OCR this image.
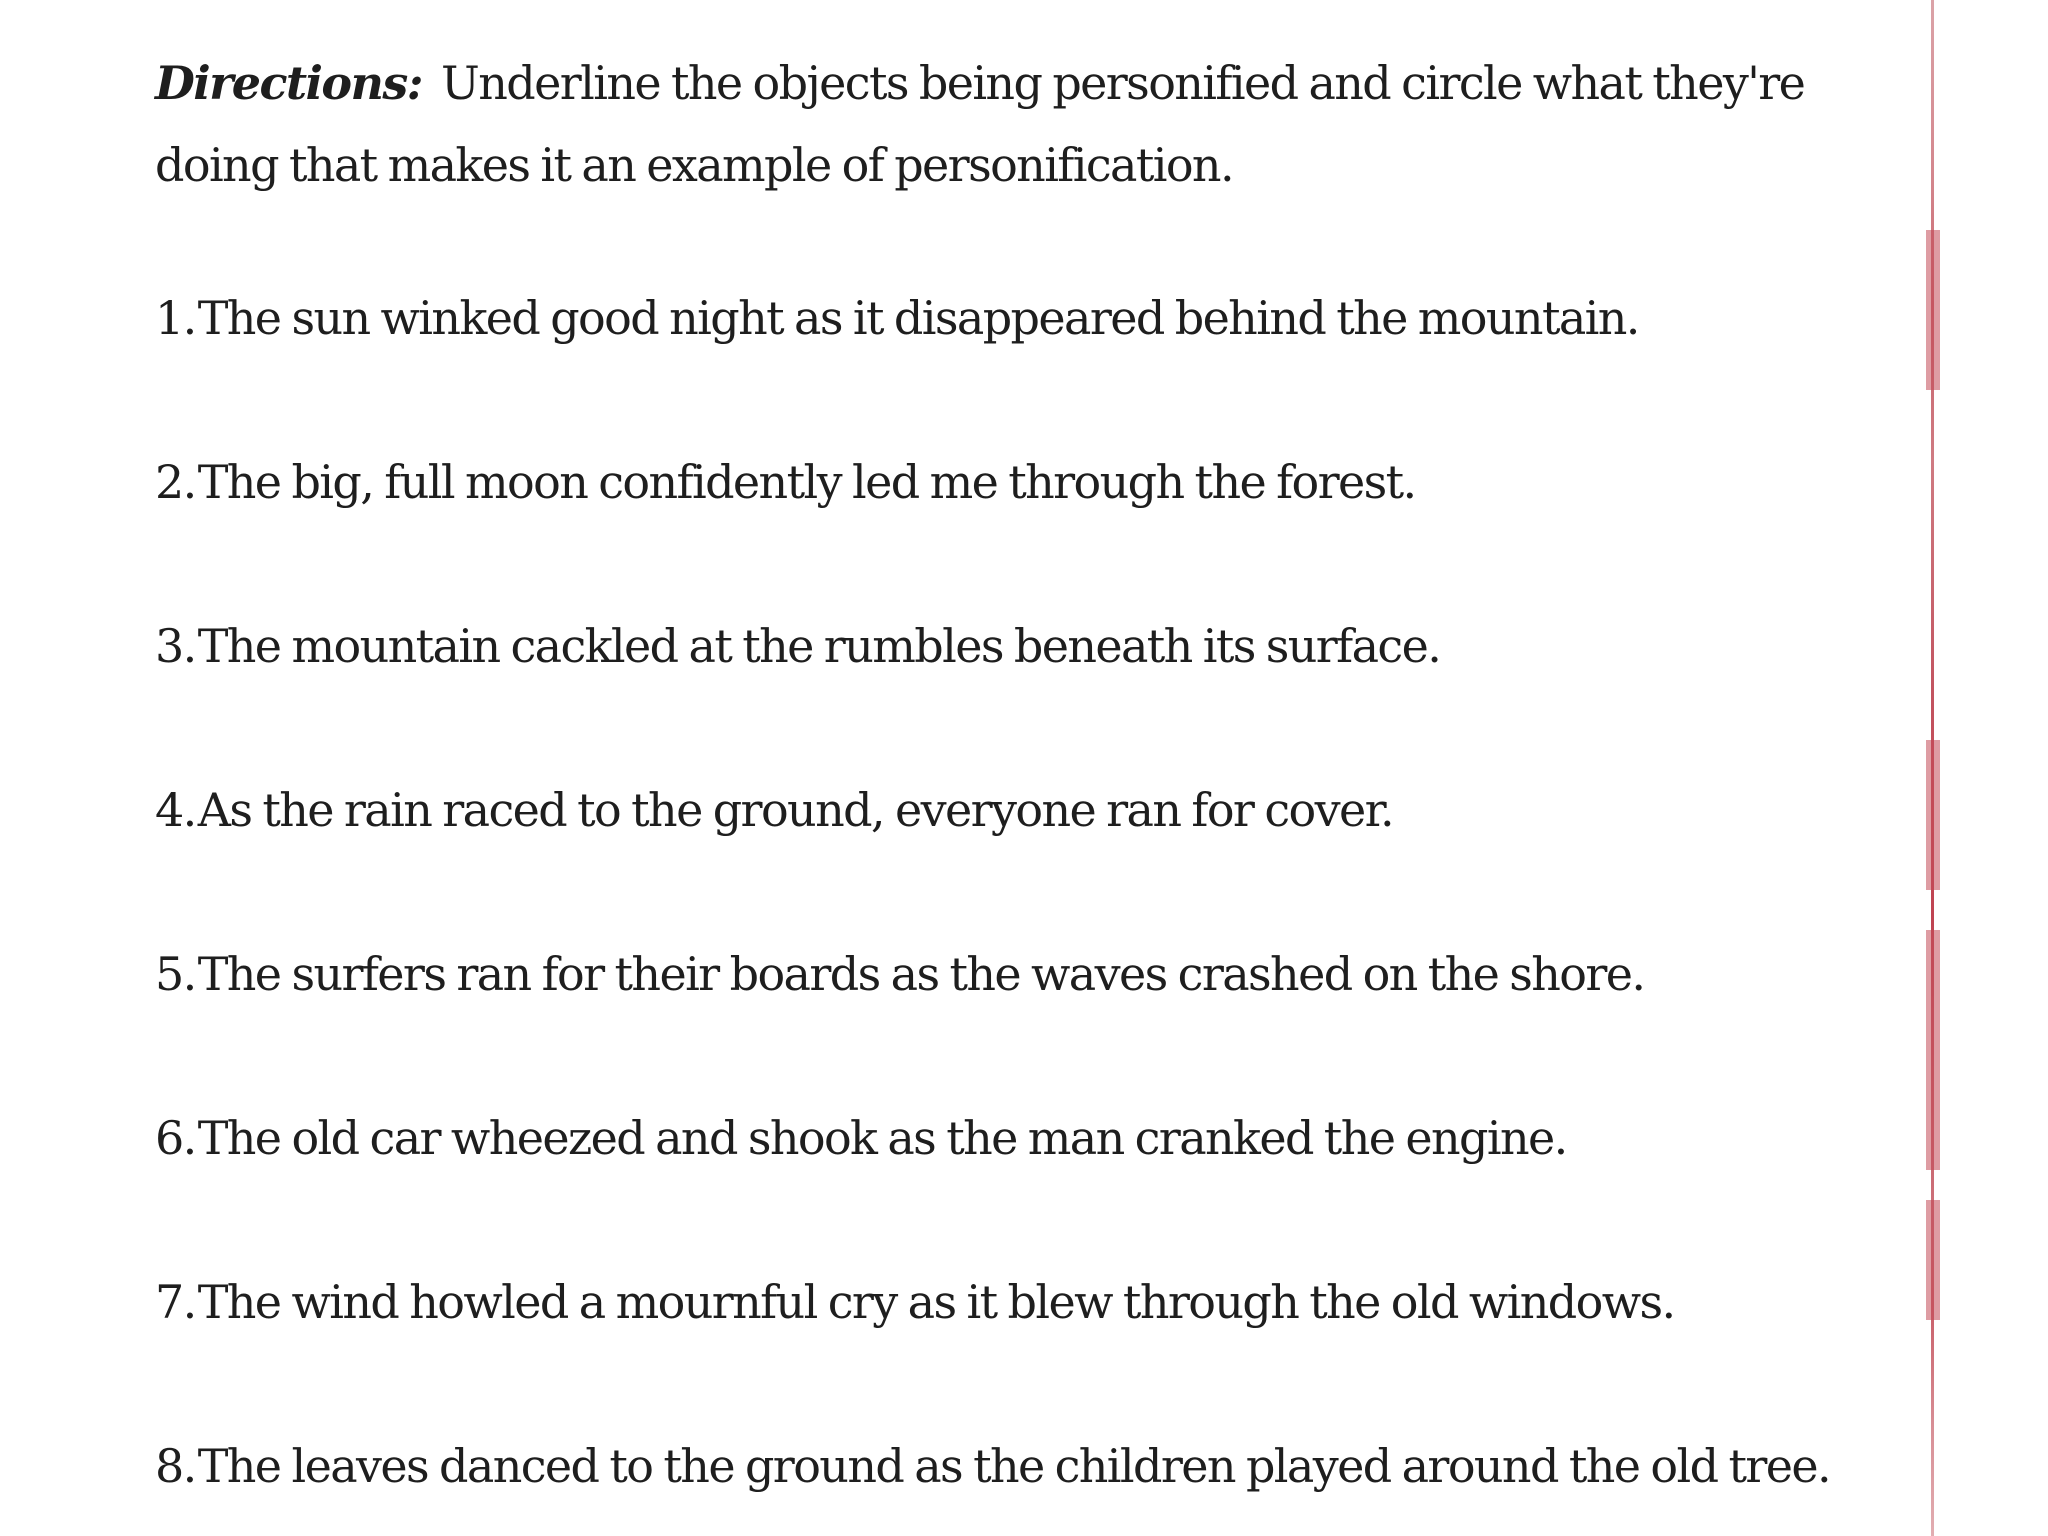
Directions: Underline the objects being personified and circle what they're doing that makes it an example of personification.

1.The sun winked good night as it disappeared behind the mountain.
2.The big, full moon confidently led me through the forest.
3.The mountain cackled at the rumbles beneath its surface.
4.As the rain raced to the ground, everyone ran for cover.
5.The surfers ran for their boards as the waves crashed on the shore.
6.The old car wheezed and shook as the man cranked the engine.
7.The wind howled a mournful cry as it blew through the old windows.
8.The leaves danced to the ground as the children played around the old tree.
